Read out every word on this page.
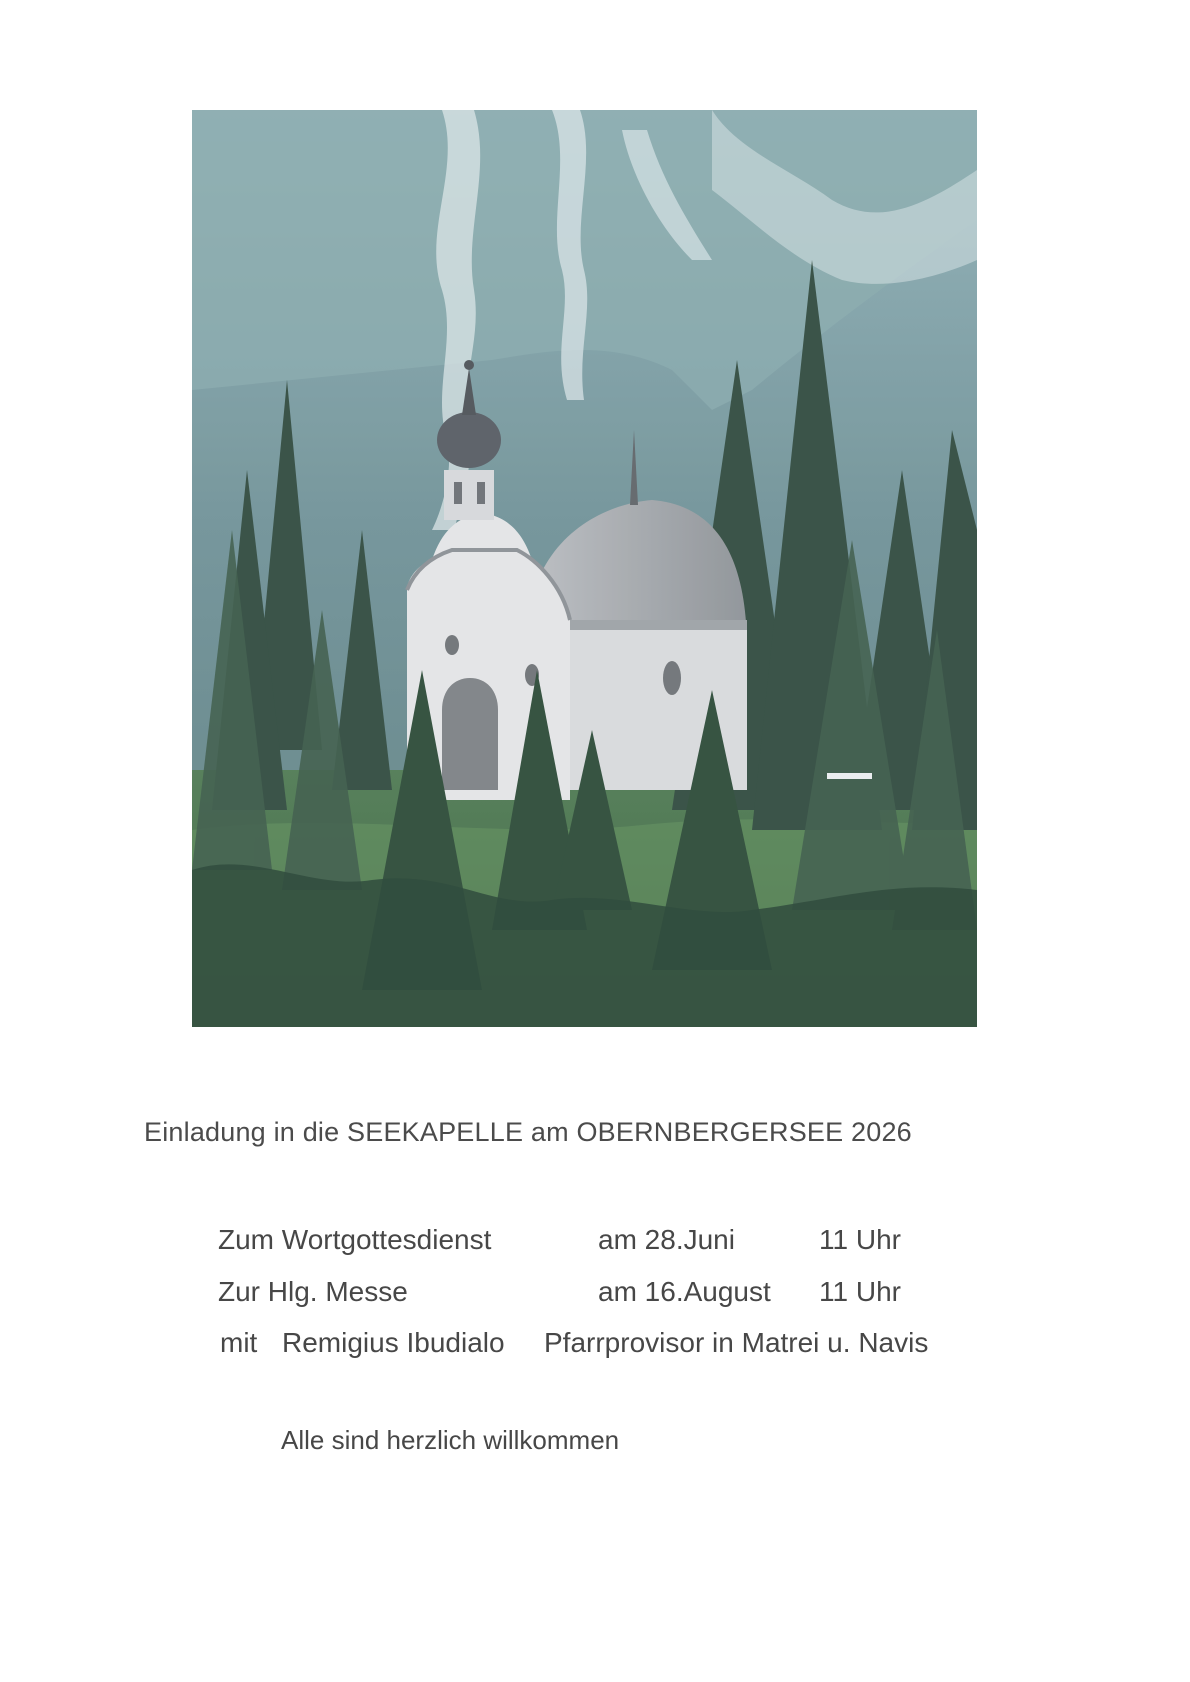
Einladung in die SEEKAPELLE am OBERNBERGERSEE 2026
Zum Wortgottesdienst	am 28.Juni	11 Uhr
Zur Hlg. Messe	am 16.August 11 Uhr
mit Remigius Ibudialo Pfarrprovisor in Matrei u. Navis
Alle sind herzlich willkommen
